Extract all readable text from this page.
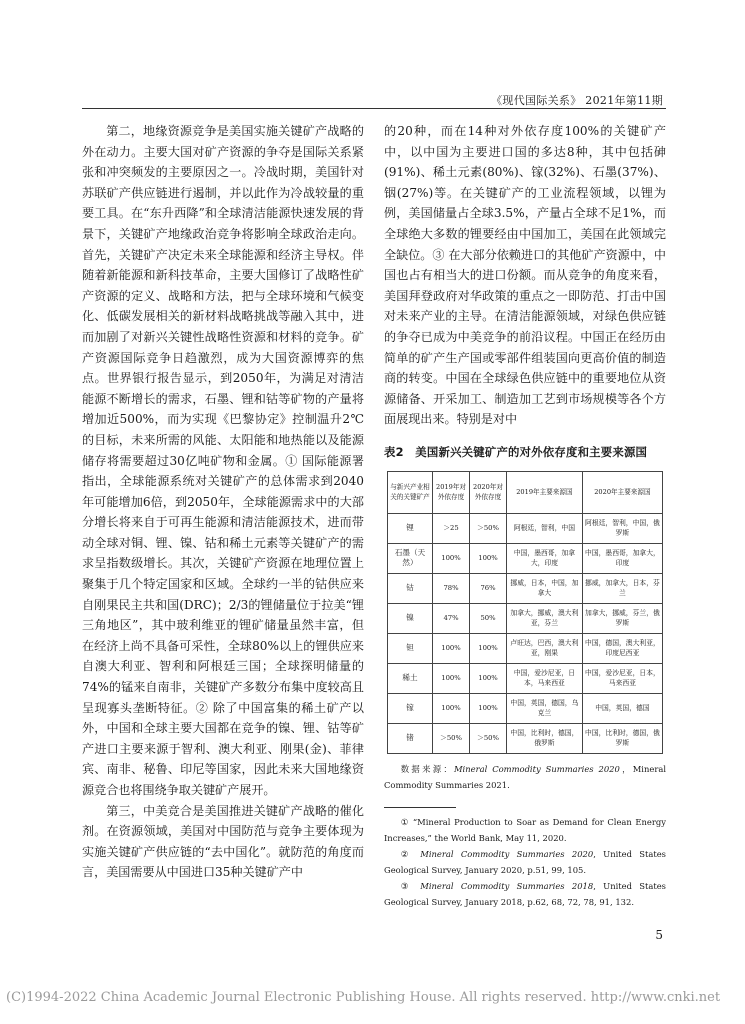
《现代国际关系》 2021年第11期

第二，地缘资源竞争是美国实施关键矿产战略的外在动力。主要大国对矿产资源的争夺是国际关系紧张和冲突频发的主要原因之一。冷战时期，美国针对苏联矿产供应链进行遏制，并以此作为冷战较量的重要工具。在“东升西降”和全球清洁能源快速发展的背景下，关键矿产地缘政治竞争将影响全球政治走向。首先，关键矿产决定未来全球能源和经济主导权。伴随着新能源和新科技革命，主要大国修订了战略性矿产资源的定义、战略和方法，把与全球环境和气候变化、低碳发展相关的新材料战略挑战等融入其中，进而加剧了对新兴关键性战略性资源和材料的竞争。矿产资源国际竞争日趋激烈，成为大国资源博弈的焦点。世界银行报告显示，到2050年，为满足对清洁能源不断增长的需求，石墨、锂和钴等矿物的产量将增加近500%，而为实现《巴黎协定》控制温升2℃的目标，未来所需的风能、太阳能和地热能以及能源储存将需要超过30亿吨矿物和金属。① 国际能源署指出，全球能源系统对关键矿产的总体需求到2040年可能增加6倍，到2050年，全球能源需求中的大部分增长将来自于可再生能源和清洁能源技术，进而带动全球对铜、锂、镍、钴和稀土元素等关键矿产的需求呈指数级增长。其次，关键矿产资源在地理位置上聚集于几个特定国家和区域。全球约一半的钴供应来自刚果民主共和国(DRC)；2/3的锂储量位于拉美“锂三角地区”，其中玻利维亚的锂矿储量虽然丰富，但在经济上尚不具备可采性，全球80%以上的锂供应来自澳大利亚、智利和阿根廷三国；全球探明储量的74%的锰来自南非，关键矿产多数分布集中度较高且呈现寡头垄断特征。② 除了中国富集的稀土矿产以外，中国和全球主要大国都在竞争的镍、锂、钴等矿产进口主要来源于智利、澳大利亚、刚果(金)、菲律宾、南非、秘鲁、印尼等国家，因此未来大国地缘资源竞合也将围绕争取关键矿产展开。

第三，中美竞合是美国推进关键矿产战略的催化剂。在资源领域，美国对中国防范与竞争主要体现为实施关键矿产供应链的“去中国化”。就防范的角度而言，美国需要从中国进口35种关键矿产中

的20种，而在14种对外依存度100%的关键矿产中，以中国为主要进口国的多达8种，其中包括砷(91%)、稀土元素(80%)、镓(32%)、石墨(37%)、铟(27%)等。在关键矿产的工业流程领域，以锂为例，美国储量占全球3.5%，产量占全球不足1%，而全球绝大多数的锂要经由中国加工，美国在此领域完全缺位。③ 在大部分依赖进口的其他矿产资源中，中国也占有相当大的进口份额。而从竞争的角度来看，美国拜登政府对华政策的重点之一即防范、打击中国对未来产业的主导。在清洁能源领域，对绿色供应链的争夺已成为中美竞争的前沿议程。中国正在经历由简单的矿产生产国或零部件组装国向更高价值的制造商的转变。中国在全球绿色供应链中的重要地位从资源储备、开采加工、制造加工艺到市场规模等各个方面展现出来。特别是对中

表2　美国新兴关键矿产的对外依存度和主要来源国
与新兴产业相关的关键矿产	2019年对外依存度	2020年对外依存度	2019年主要来源国	2020年主要来源国
锂	＞25	＞50%	阿根廷，智利，中国	阿根廷，智利，中国，俄罗斯
石墨（天然）	100%	100%	中国，墨西哥，加拿大，印度	中国，墨西哥，加拿大，印度
钴	78%	76%	挪威，日本，中国，加拿大	挪威，加拿大，日本，芬兰
镍	47%	50%	加拿大，挪威，澳大利亚，芬兰	加拿大，挪威，芬兰，俄罗斯
钽	100%	100%	卢旺达，巴西，澳大利亚，刚果	中国，德国，澳大利亚，印度尼西亚
稀土	100%	100%	中国，爱沙尼亚，日本，马来西亚	中国，爱沙尼亚，日本，马来西亚
镓	100%	100%	中国，英国，德国，乌克兰	中国，英国，德国
锗	＞50%	＞50%	中国，比利时，德国，俄罗斯	中国，比利时，德国，俄罗斯
数据来源：Mineral Commodity Summaries 2020，Mineral Commodity Summaries 2021.

① “Mineral Production to Soar as Demand for Clean Energy Increases,” the World Bank, May 11, 2020.

② Mineral Commodity Summaries 2020, United States Geological Survey, January 2020, p.51, 99, 105.

③ Mineral Commodity Summaries 2018, United States Geological Survey, January 2018, p.62, 68, 72, 78, 91, 132.

5
(C)1994-2022 China Academic Journal Electronic Publishing House. All rights reserved. http://www.cnki.net
